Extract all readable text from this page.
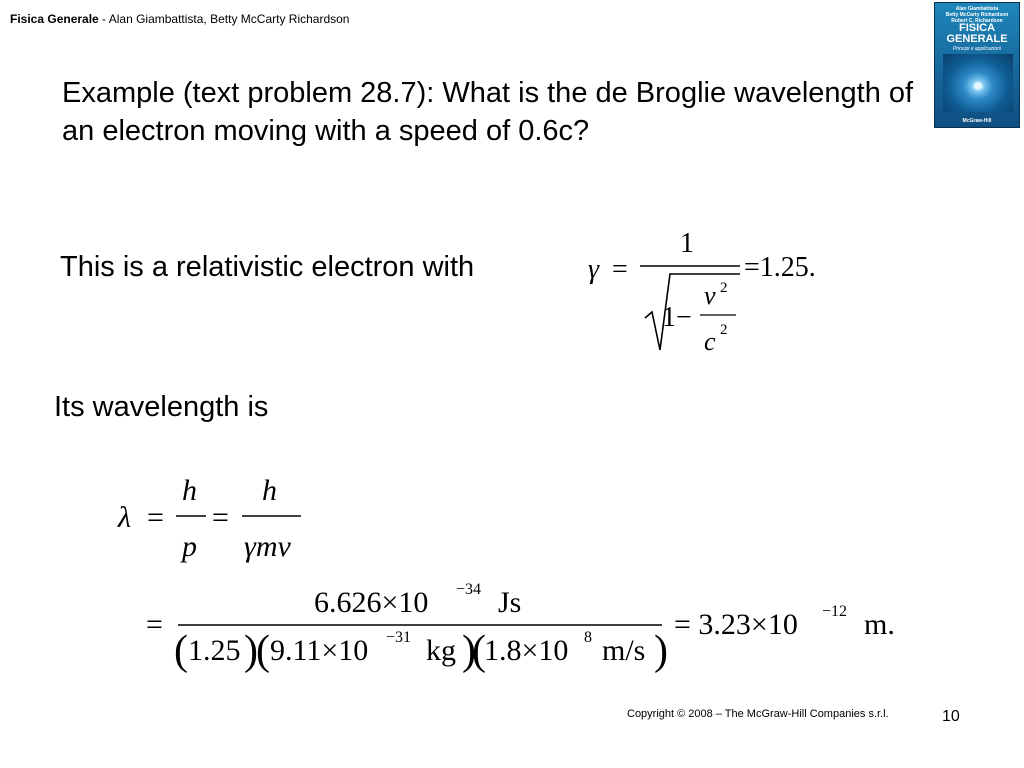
Fisica Generale - Alan Giambattista, Betty McCarty Richardson
Alan Giambattista
Betty McCarty Richardson
Robert C. Richardson
FISICA
GENERALE
Principi e applicazioni
McGraw-Hill
Example (text problem 28.7): What is the de Broglie wavelength of an electron moving with a speed of 0.6c?
This is a relativistic electron with
Its wavelength is
γ =
1
1−
v 2
c 2
=1.25.
λ =
h
p
=
h
γmv
=
6.626×10 −34 Js
( 1.25 )
( 9.11×10 −31 kg )
(
1.8×10 8 m/s )
= 3.23×10 −12 m.
Copyright © 2008 – The McGraw-Hill Companies s.r.l.	10
